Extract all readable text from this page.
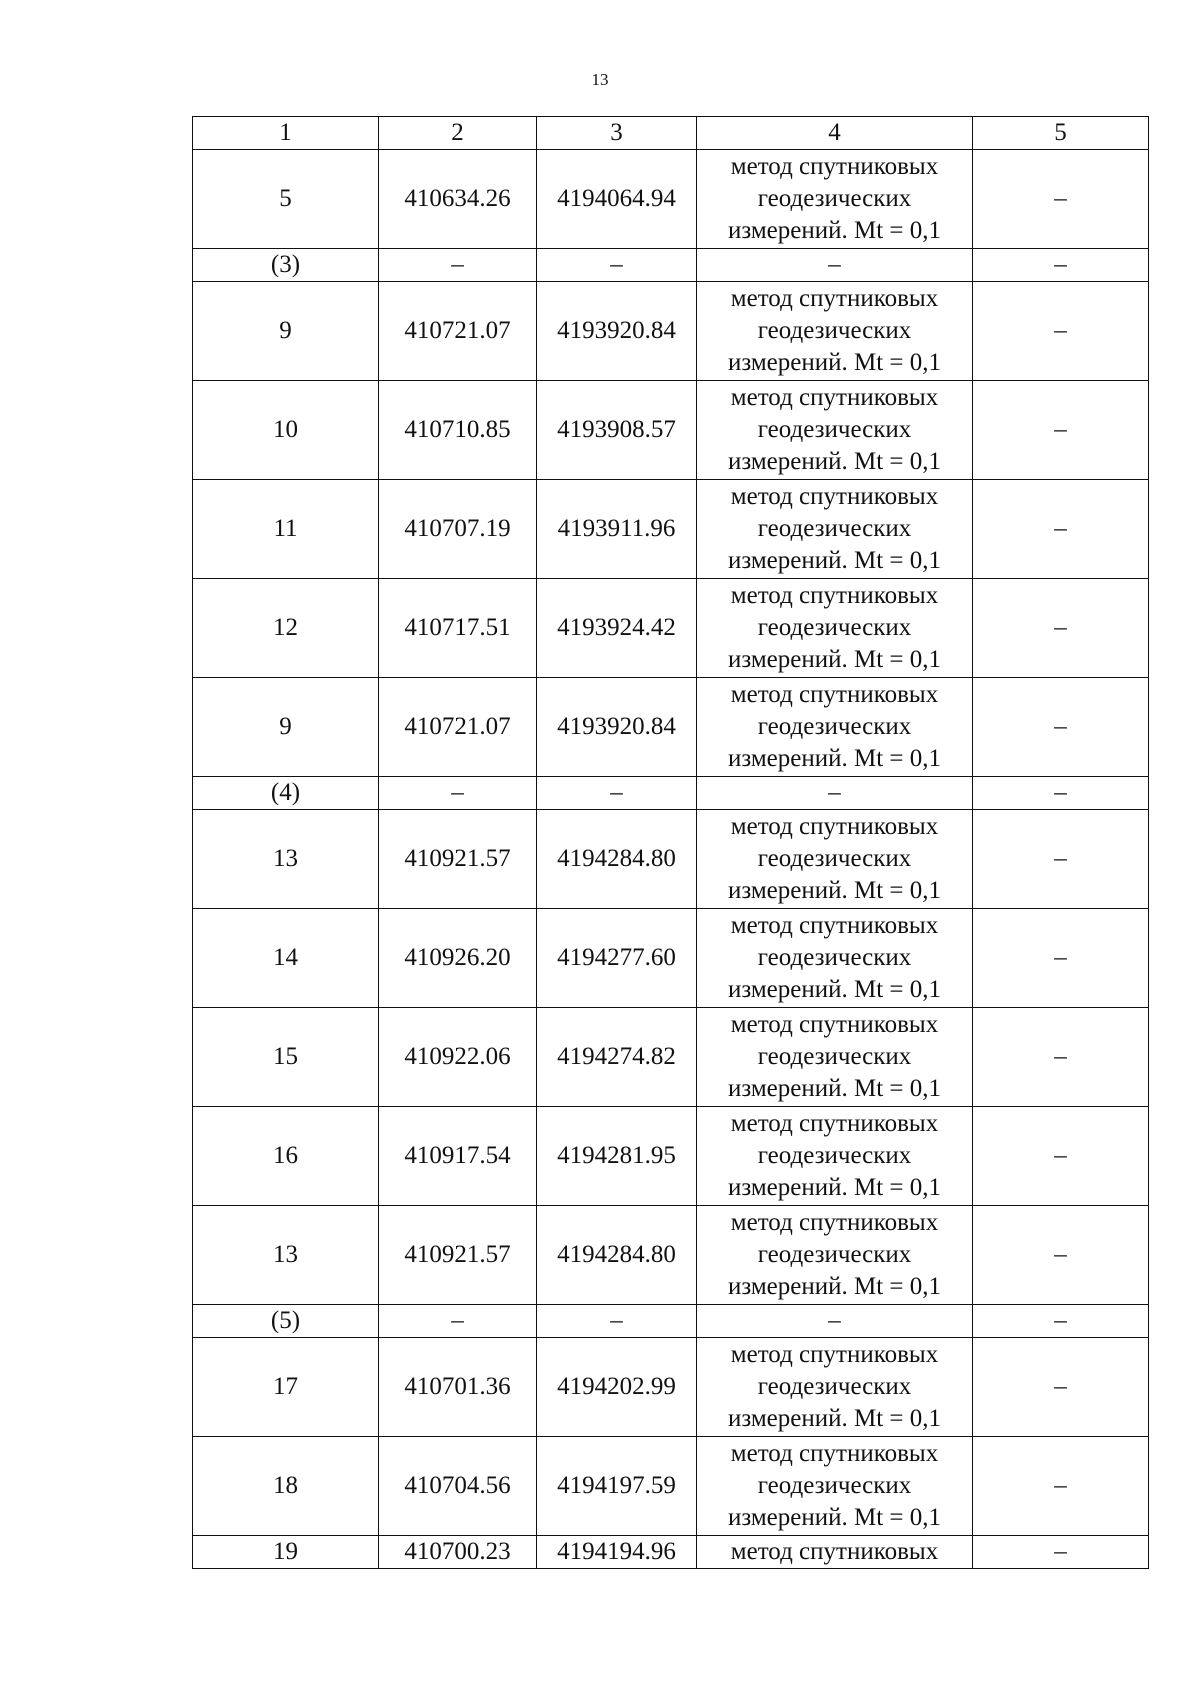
13
1	2	3	4	5
5	410634.26	4194064.94	метод спутниковых геодезических измерений. Mt = 0,1	–
(3)	–	–	–	–
9	410721.07	4193920.84	метод спутниковых геодезических измерений. Mt = 0,1	–
10	410710.85	4193908.57	метод спутниковых геодезических измерений. Mt = 0,1	–
11	410707.19	4193911.96	метод спутниковых геодезических измерений. Mt = 0,1	–
12	410717.51	4193924.42	метод спутниковых геодезических измерений. Mt = 0,1	–
9	410721.07	4193920.84	метод спутниковых геодезических измерений. Mt = 0,1	–
(4)	–	–	–	–
13	410921.57	4194284.80	метод спутниковых геодезических измерений. Mt = 0,1	–
14	410926.20	4194277.60	метод спутниковых геодезических измерений. Mt = 0,1	–
15	410922.06	4194274.82	метод спутниковых геодезических измерений. Mt = 0,1	–
16	410917.54	4194281.95	метод спутниковых геодезических измерений. Mt = 0,1	–
13	410921.57	4194284.80	метод спутниковых геодезических измерений. Mt = 0,1	–
(5)	–	–	–	–
17	410701.36	4194202.99	метод спутниковых геодезических измерений. Mt = 0,1	–
18	410704.56	4194197.59	метод спутниковых геодезических измерений. Mt = 0,1	–
19	410700.23	4194194.96	метод спутниковых	–
